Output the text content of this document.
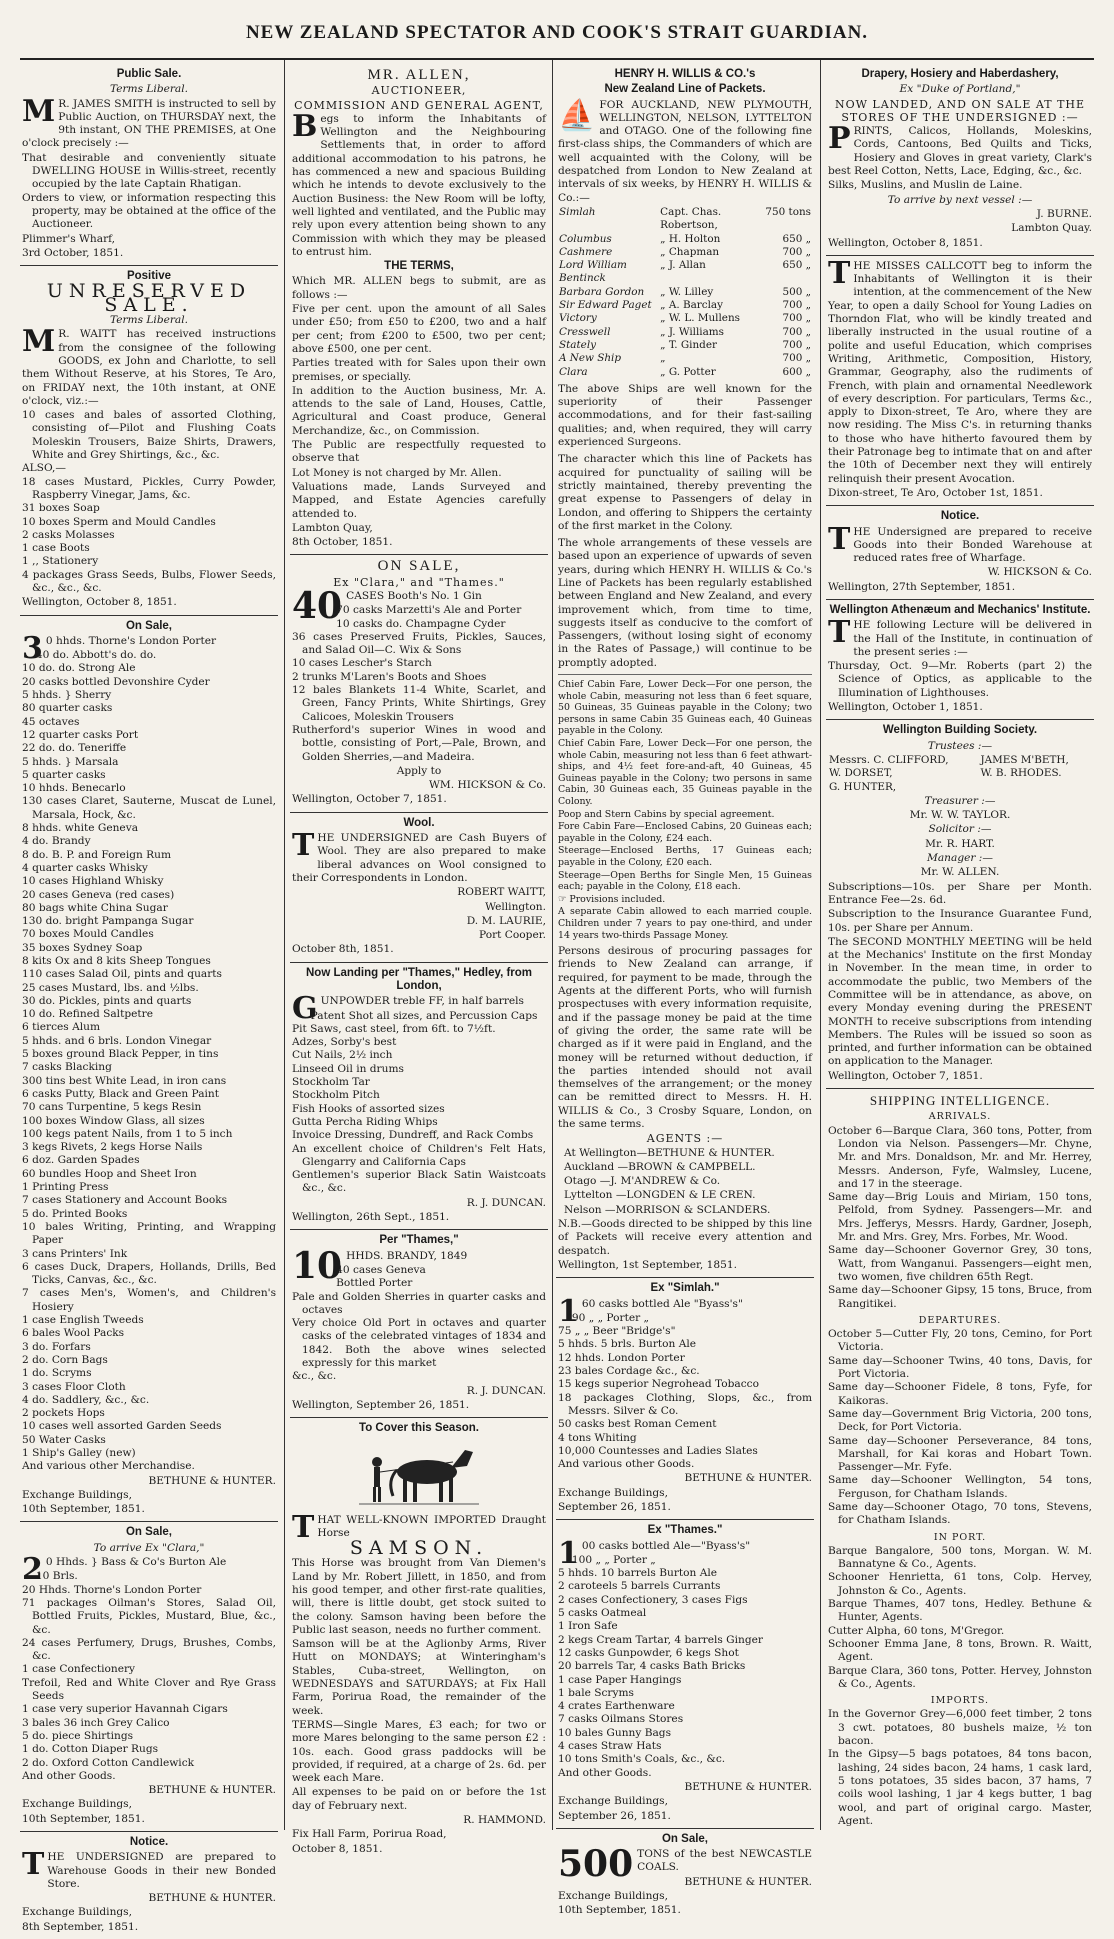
NEW ZEALAND SPECTATOR AND COOK'S STRAIT GUARDIAN.
Public Sale.
Terms Liberal.

M R. JAMES SMITH is instructed to sell by Public Auction, on THURSDAY next, the 9th instant, ON THE PREMISES, at One o'clock precisely :—

That desirable and conveniently situate DWELLING HOUSE in Willis-street, recently occupied by the late Captain Rhatigan.

Orders to view, or information respecting this property, may be obtained at the office of the Auctioneer.

Plimmer's Wharf,

3rd October, 1851.

Positive
UNRESERVED SALE.
Terms Liberal.

M R. WAITT has received instructions from the consignee of the following GOODS, ex John and Charlotte, to sell them Without Reserve, at his Stores, Te Aro, on FRIDAY next, the 10th instant, at ONE o'clock, viz.:—

10 cases and bales of assorted Clothing, consisting of—Pilot and Flushing Coats Moleskin Trousers, Baize Shirts, Drawers, White and Grey Shirtings, &c., &c.

ALSO,—

18 cases Mustard, Pickles, Curry Powder, Raspberry Vinegar, Jams, &c.

31 boxes Soap

10 boxes Sperm and Mould Candles

2 casks Molasses

1 case Boots

1 ,, Stationery

4 packages Grass Seeds, Bulbs, Flower Seeds, &c., &c., &c.

Wellington, October 8, 1851.

On Sale,

3 0 hhds. Thorne's London Porter

40 do. Abbott's do. do.

10 do. do. Strong Ale

20 casks bottled Devonshire Cyder

5 hhds. } Sherry

80 quarter casks

45 octaves

12 quarter casks Port

22 do. do. Teneriffe

5 hhds. } Marsala

5 quarter casks

10 hhds. Benecarlo

130 cases Claret, Sauterne, Muscat de Lunel, Marsala, Hock, &c.

8 hhds. white Geneva

4 do. Brandy

8 do. B. P. and Foreign Rum

4 quarter casks Whisky

10 cases Highland Whisky

20 cases Geneva (red cases)

80 bags white China Sugar

130 do. bright Pampanga Sugar

70 boxes Mould Candles

35 boxes Sydney Soap

8 kits Ox and 8 kits Sheep Tongues

110 cases Salad Oil, pints and quarts

25 cases Mustard, lbs. and ½lbs.

30 do. Pickles, pints and quarts

10 do. Refined Saltpetre

6 tierces Alum

5 hhds. and 6 brls. London Vinegar

5 boxes ground Black Pepper, in tins

7 casks Blacking

300 tins best White Lead, in iron cans

6 casks Putty, Black and Green Paint

70 cans Turpentine, 5 kegs Resin

100 boxes Window Glass, all sizes

100 kegs patent Nails, from 1 to 5 inch

3 kegs Rivets, 2 kegs Horse Nails

6 doz. Garden Spades

60 bundles Hoop and Sheet Iron

1 Printing Press

7 cases Stationery and Account Books

5 do. Printed Books

10 bales Writing, Printing, and Wrapping Paper

3 cans Printers' Ink

6 cases Duck, Drapers, Hollands, Drills, Bed Ticks, Canvas, &c., &c.

7 cases Men's, Women's, and Children's Hosiery

1 case English Tweeds

6 bales Wool Packs

3 do. Forfars

2 do. Corn Bags

1 do. Scryms

3 cases Floor Cloth

4 do. Saddlery, &c., &c.

2 pockets Hops

10 cases well assorted Garden Seeds

50 Water Casks

1 Ship's Galley (new)

And various other Merchandise.

BETHUNE & HUNTER.

Exchange Buildings,

10th September, 1851.

On Sale,
To arrive Ex "Clara,"

2 0 Hhds. } Bass & Co's Burton Ale

10 Brls.

20 Hhds. Thorne's London Porter

71 packages Oilman's Stores, Salad Oil, Bottled Fruits, Pickles, Mustard, Blue, &c., &c.

24 cases Perfumery, Drugs, Brushes, Combs, &c.

1 case Confectionery

Trefoil, Red and White Clover and Rye Grass Seeds

1 case very superior Havannah Cigars

3 bales 36 inch Grey Calico

5 do. piece Shirtings

1 do. Cotton Diaper Rugs

2 do. Oxford Cotton Candlewick

And other Goods.

BETHUNE & HUNTER.

Exchange Buildings,

10th September, 1851.

Notice.

THE UNDERSIGNED are prepared to Warehouse Goods in their new Bonded Store.

BETHUNE & HUNTER.

Exchange Buildings,

8th September, 1851.

MR. ALLEN,
AUCTIONEER,
COMMISSION AND GENERAL AGENT,

Begs to inform the Inhabitants of Wellington and the Neighbouring Settlements that, in order to afford additional accommodation to his patrons, he has commenced a new and spacious Building which he intends to devote exclusively to the Auction Business: the New Room will be lofty, well lighted and ventilated, and the Public may rely upon every attention being shown to any Commission with which they may be pleased to entrust him.

THE TERMS,

Which MR. ALLEN begs to submit, are as follows :—

Five per cent. upon the amount of all Sales under £50; from £50 to £200, two and a half per cent; from £200 to £500, two per cent; above £500, one per cent.

Parties treated with for Sales upon their own premises, or specially.

In addition to the Auction business, Mr. A. attends to the sale of Land, Houses, Cattle, Agricultural and Coast produce, General Merchandize, &c., on Commission.

The Public are respectfully requested to observe that

Lot Money is not charged by Mr. Allen.

Valuations made, Lands Surveyed and Mapped, and Estate Agencies carefully attended to.

Lambton Quay,

8th October, 1851.

ON SALE,
Ex "Clara," and "Thames."

40 CASES Booth's No. 1 Gin

70 casks Marzetti's Ale and Porter

10 casks do. Champagne Cyder

36 cases Preserved Fruits, Pickles, Sauces, and Salad Oil—C. Wix & Sons

10 cases Lescher's Starch

2 trunks M'Laren's Boots and Shoes

12 bales Blankets 11-4 White, Scarlet, and Green, Fancy Prints, White Shirtings, Grey Calicoes, Moleskin Trousers

Rutherford's superior Wines in wood and bottle, consisting of Port,—Pale, Brown, and Golden Sherries,—and Madeira.

Apply to

WM. HICKSON & Co.

Wellington, October 7, 1851.

Wool.

THE UNDERSIGNED are Cash Buyers of Wool. They are also prepared to make liberal advances on Wool consigned to their Correspondents in London.

ROBERT WAITT,

Wellington.

D. M. LAURIE,

Port Cooper.

October 8th, 1851.

Now Landing per "Thames," Hedley, from London,

GUNPOWDER treble FF, in half barrels

Patent Shot all sizes, and Percussion Caps

Pit Saws, cast steel, from 6ft. to 7½ft.

Adzes, Sorby's best

Cut Nails, 2½ inch

Linseed Oil in drums

Stockholm Tar

Stockholm Pitch

Fish Hooks of assorted sizes

Gutta Percha Riding Whips

Invoice Dressing, Dundreff, and Rack Combs

An excellent choice of Children's Felt Hats, Glengarry and California Caps

Gentlemen's superior Black Satin Waistcoats &c., &c.

R. J. DUNCAN.

Wellington, 26th Sept., 1851.

Per "Thames,"

10 HHDS. BRANDY, 1849

40 cases Geneva

Bottled Porter

Pale and Golden Sherries in quarter casks and octaves

Very choice Old Port in octaves and quarter casks of the celebrated vintages of 1834 and 1842. Both the above wines selected expressly for this market

&c., &c.

R. J. DUNCAN.

Wellington, September 26, 1851.

To Cover this Season.

THAT WELL-KNOWN IMPORTED Draught Horse

SAMSON.

This Horse was brought from Van Diemen's Land by Mr. Robert Jillett, in 1850, and from his good temper, and other first-rate qualities, will, there is little doubt, get stock suited to the colony. Samson having been before the Public last season, needs no further comment.

Samson will be at the Aglionby Arms, River Hutt on MONDAYS; at Winteringham's Stables, Cuba-street, Wellington, on WEDNESDAYS and SATURDAYS; at Fix Hall Farm, Porirua Road, the remainder of the week.

TERMS—Single Mares, £3 each; for two or more Mares belonging to the same person £2 : 10s. each. Good grass paddocks will be provided, if required, at a charge of 2s. 6d. per week each Mare.

All expenses to be paid on or before the 1st day of February next.

R. HAMMOND.

Fix Hall Farm, Porirua Road,

October 8, 1851.

HENRY H. WILLIS & CO.'s
New Zealand Line of Packets.

⛵ FOR AUCKLAND, NEW PLYMOUTH, WELLINGTON, NELSON, LYTTELTON and OTAGO. One of the following fine first-class ships, the Commanders of which are well acquainted with the Colony, will be despatched from London to New Zealand at intervals of six weeks, by HENRY H. WILLIS & Co.:—

Simlah	Capt. Chas. Robertson,	750 tons
Columbus	„ H. Holton	650 „
Cashmere	„ Chapman	700 „
Lord William Bentinck	„ J. Allan	650 „
Barbara Gordon	„ W. Lilley	500 „
Sir Edward Paget	„ A. Barclay	700 „
Victory	„ W. L. Mullens	700 „
Cresswell	„ J. Williams	700 „
Stately	„ T. Ginder	700 „
A New Ship	„	700 „
Clara	„ G. Potter	600 „

The above Ships are well known for the superiority of their Passenger accommodations, and for their fast-sailing qualities; and, when required, they will carry experienced Surgeons.

The character which this line of Packets has acquired for punctuality of sailing will be strictly maintained, thereby preventing the great expense to Passengers of delay in London, and offering to Shippers the certainty of the first market in the Colony.

The whole arrangements of these vessels are based upon an experience of upwards of seven years, during which HENRY H. WILLIS & Co.'s Line of Packets has been regularly established between England and New Zealand, and every improvement which, from time to time, suggests itself as conducive to the comfort of Passengers, (without losing sight of economy in the Rates of Passage,) will continue to be promptly adopted.

Chief Cabin Fare, Lower Deck—For one person, the whole Cabin, measuring not less than 6 feet square, 50 Guineas, 35 Guineas payable in the Colony; two persons in same Cabin 35 Guineas each, 40 Guineas payable in the Colony.

Chief Cabin Fare, Lower Deck—For one person, the whole Cabin, measuring not less than 6 feet athwart-ships, and 4½ feet fore-and-aft, 40 Guineas, 45 Guineas payable in the Colony; two persons in same Cabin, 30 Guineas each, 35 Guineas payable in the Colony.

Poop and Stern Cabins by special agreement.

Fore Cabin Fare—Enclosed Cabins, 20 Guineas each; payable in the Colony, £24 each.

Steerage—Enclosed Berths, 17 Guineas each; payable in the Colony, £20 each.

Steerage—Open Berths for Single Men, 15 Guineas each; payable in the Colony, £18 each.

☞ Provisions included.

A separate Cabin allowed to each married couple. Children under 7 years to pay one-third, and under 14 years two-thirds Passage Money.

Persons desirous of procuring passages for friends to New Zealand can arrange, if required, for payment to be made, through the Agents at the different Ports, who will furnish prospectuses with every information requisite, and if the passage money be paid at the time of giving the order, the same rate will be charged as if it were paid in England, and the money will be returned without deduction, if the parties intended should not avail themselves of the arrangement; or the money can be remitted direct to Messrs. H. H. WILLIS & Co., 3 Crosby Square, London, on the same terms.

AGENTS :—

At Wellington—BETHUNE & HUNTER.

Auckland —BROWN & CAMPBELL.

Otago —J. M'ANDREW & Co.

Lyttelton —LONGDEN & LE CREN.

Nelson —MORRISON & SCLANDERS.

N.B.—Goods directed to be shipped by this line of Packets will receive every attention and despatch.

Wellington, 1st September, 1851.

Ex "Simlah."

1 60 casks bottled Ale "Byass's"

90 „ „ Porter „

75 „ „ Beer "Bridge's"

5 hhds. 5 brls. Burton Ale

12 hhds. London Porter

23 bales Cordage &c., &c.

15 kegs superior Negrohead Tobacco

18 packages Clothing, Slops, &c., from Messrs. Silver & Co.

50 casks best Roman Cement

4 tons Whiting

10,000 Countesses and Ladies Slates

And various other Goods.

BETHUNE & HUNTER.

Exchange Buildings,

September 26, 1851.

Ex "Thames."

1 00 casks bottled Ale—"Byass's"

100 „ „ Porter „

5 hhds. 10 barrels Burton Ale

2 caroteels 5 barrels Currants

2 cases Confectionery, 3 cases Figs

5 casks Oatmeal

1 Iron Safe

2 kegs Cream Tartar, 4 barrels Ginger

12 casks Gunpowder, 6 kegs Shot

20 barrels Tar, 4 casks Bath Bricks

1 case Paper Hangings

1 bale Scryms

4 crates Earthenware

7 casks Oilmans Stores

10 bales Gunny Bags

4 cases Straw Hats

10 tons Smith's Coals, &c., &c.

And other Goods.

BETHUNE & HUNTER.

Exchange Buildings,

September 26, 1851.

On Sale,

500 TONS of the best NEWCASTLE COALS.

BETHUNE & HUNTER.

Exchange Buildings,

10th September, 1851.

Drapery, Hosiery and Haberdashery,
Ex "Duke of Portland,"
NOW LANDED, AND ON SALE AT THE STORES OF THE UNDERSIGNED :—

PRINTS, Calicos, Hollands, Moleskins, Cords, Cantoons, Bed Quilts and Ticks, Hosiery and Gloves in great variety, Clark's best Reel Cotton, Netts, Lace, Edging, &c., &c.

Silks, Muslins, and Muslin de Laine.

To arrive by next vessel :—

J. BURNE.

Lambton Quay.

Wellington, October 8, 1851.

THE MISSES CALLCOTT beg to inform the Inhabitants of Wellington it is their intention, at the commencement of the New Year, to open a daily School for Young Ladies on Thorndon Flat, who will be kindly treated and liberally instructed in the usual routine of a polite and useful Education, which comprises Writing, Arithmetic, Composition, History, Grammar, Geography, also the rudiments of French, with plain and ornamental Needlework of every description. For particulars, Terms &c., apply to Dixon-street, Te Aro, where they are now residing. The Miss C's. in returning thanks to those who have hitherto favoured them by their Patronage beg to intimate that on and after the 10th of December next they will entirely relinquish their present Avocation.

Dixon-street, Te Aro, October 1st, 1851.

Notice.

THE Undersigned are prepared to receive Goods into their Bonded Warehouse at reduced rates free of Wharfage.

W. HICKSON & Co.

Wellington, 27th September, 1851.

Wellington Athenæum and Mechanics' Institute.

THE following Lecture will be delivered in the Hall of the Institute, in continuation of the present series :—

Thursday, Oct. 9—Mr. Roberts (part 2) the Science of Optics, as applicable to the Illumination of Lighthouses.

Wellington, October 1, 1851.

Wellington Building Society.
Trustees :—
Messrs. C. CLIFFORD,	JAMES M'BETH,
W. DORSET,	W. B. RHODES.
G. HUNTER,	
Treasurer :—

Mr. W. W. TAYLOR.

Solicitor :—

Mr. R. HART.

Manager :—

Mr. W. ALLEN.

Subscriptions—10s. per Share per Month. Entrance Fee—2s. 6d.

Subscription to the Insurance Guarantee Fund, 10s. per Share per Annum.

The SECOND MONTHLY MEETING will be held at the Mechanics' Institute on the first Monday in November. In the mean time, in order to accommodate the public, two Members of the Committee will be in attendance, as above, on every Monday evening during the PRESENT MONTH to receive subscriptions from intending Members. The Rules will be issued so soon as printed, and further information can be obtained on application to the Manager.

Wellington, October 7, 1851.

SHIPPING INTELLIGENCE.
ARRIVALS.

October 6—Barque Clara, 360 tons, Potter, from London via Nelson. Passengers—Mr. Chyne, Mr. and Mrs. Donaldson, Mr. and Mr. Herrey, Messrs. Anderson, Fyfe, Walmsley, Lucene, and 17 in the steerage.

Same day—Brig Louis and Miriam, 150 tons, Pelfold, from Sydney. Passengers—Mr. and Mrs. Jefferys, Messrs. Hardy, Gardner, Joseph, Mr. and Mrs. Grey, Mrs. Forbes, Mr. Wood.

Same day—Schooner Governor Grey, 30 tons, Watt, from Wanganui. Passengers—eight men, two women, five children 65th Regt.

Same day—Schooner Gipsy, 15 tons, Bruce, from Rangitikei.

DEPARTURES.

October 5—Cutter Fly, 20 tons, Cemino, for Port Victoria.

Same day—Schooner Twins, 40 tons, Davis, for Port Victoria.

Same day—Schooner Fidele, 8 tons, Fyfe, for Kaikoras.

Same day—Government Brig Victoria, 200 tons, Deck, for Port Victoria.

Same day—Schooner Perseverance, 84 tons, Marshall, for Kai koras and Hobart Town. Passenger—Mr. Fyfe.

Same day—Schooner Wellington, 54 tons, Ferguson, for Chatham Islands.

Same day—Schooner Otago, 70 tons, Stevens, for Chatham Islands.

IN PORT.

Barque Bangalore, 500 tons, Morgan. W. M. Bannatyne & Co., Agents.

Schooner Henrietta, 61 tons, Colp. Hervey, Johnston & Co., Agents.

Barque Thames, 407 tons, Hedley. Bethune & Hunter, Agents.

Cutter Alpha, 60 tons, M'Gregor.

Schooner Emma Jane, 8 tons, Brown. R. Waitt, Agent.

Barque Clara, 360 tons, Potter. Hervey, Johnston & Co., Agents.

IMPORTS.

In the Governor Grey—6,000 feet timber, 2 tons 3 cwt. potatoes, 80 bushels maize, ½ ton bacon.

In the Gipsy—5 bags potatoes, 84 tons bacon, lashing, 24 sides bacon, 24 hams, 1 cask lard, 5 tons potatoes, 35 sides bacon, 37 hams, 7 coils wool lashing, 1 jar 4 kegs butter, 1 bag wool, and part of original cargo. Master, Agent.
